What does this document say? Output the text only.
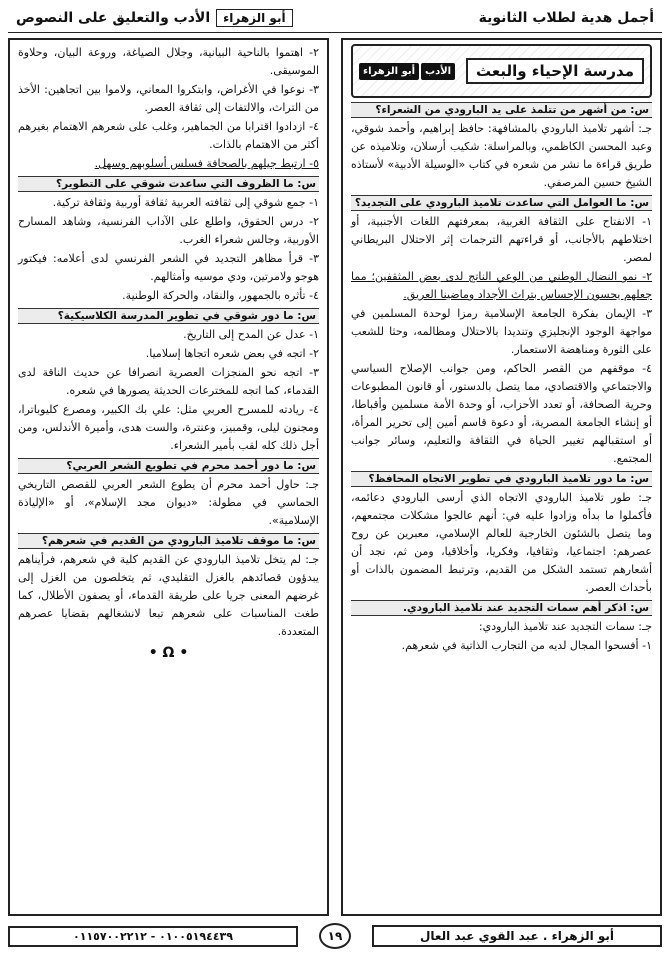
أجمل هدية لطلاب الثانوية
أبو الزهراء
الأدب والتعليق على النصوص
مدرسة الإحياء والبعث
الأدب
أبو الزهراء
س: من أشهر من تتلمذ على يد البارودي من الشعراء؟
جـ: أشهر تلاميذ البارودي بالمشافهة: حافظ إبراهيم، وأحمد شوقي، وعبد المحسن الكاظمي، وبالمراسلة: شكيب أرسلان، وتلاميذه عن طريق قراءة ما نشر من شعره في كتاب «الوسيلة الأدبية» لأستاذه الشيخ حسين المرصفي.
س: ما العوامل التي ساعدت تلاميذ البارودي على التجديد؟
١- الانفتاح على الثقافة الغربية، بمعرفتهم اللغات الأجنبية، أو اختلاطهم بالأجانب، أو قراءتهم الترجمات إثر الاحتلال البريطاني لمصر.
٢- نمو النضال الوطني من الوعي الناتج لدى بعض المثقفين؛ مما جعلهم يحسون الإحساس بتراث الأجداد وماضينا العريق.
٣- الإيمان بفكرة الجامعة الإسلامية رمزا لوحدة المسلمين في مواجهة الوجود الإنجليزي وتنديدا بالاحتلال ومظالمه، وحثا للشعب على الثورة ومناهضة الاستعمار.
٤- موقفهم من القصر الحاكم، ومن جوانب الإصلاح السياسي والاجتماعي والاقتصادي، مما يتصل بالدستور، أو قانون المطبوعات وحرية الصحافة، أو تعدد الأحزاب، أو وحدة الأمة مسلمين وأقباطا، أو إنشاء الجامعة المصرية، أو دعوة قاسم أمين إلى تحرير المرأة، أو استقبالهم تغيير الحياة في الثقافة والتعليم، وسائر جوانب المجتمع.
س: ما دور تلاميذ البارودي في تطوير الاتجاه المحافظ؟
جـ: طور تلاميذ البارودي الاتجاه الذي أرسى البارودي دعائمه، فأكملوا ما بدأه وزادوا عليه في: أنهم عالجوا مشكلات مجتمعهم، وما يتصل بالشئون الخارجية للعالم الإسلامي، معبرين عن روح عصرهم: اجتماعيا، وثقافيا، وفكريا، وأخلاقيا، ومن ثم، نجد أن أشعارهم تستمد الشكل من القديم، وترتبط المضمون بالذات أو بأحداث العصر.
س: اذكر أهم سمات التجديد عند تلاميذ البارودي.
جـ: سمات التجديد عند تلاميذ البارودي:
١- أفسحوا المجال لديه من التجارب الذاتية في شعرهم.
٢- اهتموا بالناحية البيانية، وجلال الصياغة، وروعة البيان، وحلاوة الموسيقى.
٣- نوعوا في الأغراض، وابتكروا المعاني، ولاموا بين اتجاهين: الأخذ من التراث، والالتفات إلى ثقافة العصر.
٤- ازدادوا اقترابا من الجماهير، وغلب على شعرهم الاهتمام بغيرهم أكثر من الاهتمام بالذات.
٥- ارتبط جيلهم بالصحافة فسلس أسلوبهم وسهل.
س: ما الظروف التي ساعدت شوقي على التطوير؟
١- جمع شوقي إلى ثقافته العربية ثقافة أوربية وثقافة تركية.
٢- درس الحقوق، واطلع على الآداب الفرنسية، وشاهد المسارح الأوربية، وجالس شعراء الغرب.
٣- قرأ مظاهر التجديد في الشعر الفرنسي لدى أعلامه: فيكتور هوجو ولامرتين، ودي موسيه وأمثالهم.
٤- تأثره بالجمهور، والنقاد، والحركة الوطنية.
س: ما دور شوقي في تطوير المدرسة الكلاسيكية؟
١- عدل عن المدح إلى التاريخ.
٢- اتجه في بعض شعره اتجاها إسلاميا.
٣- اتجه نحو المنجزات العصرية انصرافا عن حديث الناقة لدى القدماء، كما اتجه للمخترعات الحديثة يصورها في شعره.
٤- ريادته للمسرح العربي مثل: علي بك الكبير، ومصرع كليوباترا، ومجنون ليلى، وقمبيز، وعنترة، والست هدى، وأميرة الأندلس، ومن أجل ذلك كله لقب بأمير الشعراء.
س: ما دور أحمد محرم في تطويع الشعر العربي؟
جـ: حاول أحمد محرم أن يطوع الشعر العربي للقصص التاريخي الحماسي في مطولة: «ديوان مجد الإسلام»، أو «الإلياذة الإسلامية».
س: ما موقف تلاميذ البارودي من القديم في شعرهم؟
جـ: لم يتخل تلاميذ البارودي عن القديم كلية في شعرهم، فرأيناهم يبدؤون قصائدهم بالغزل التقليدي، ثم يتخلصون من الغزل إلى غرضهم المعنى جريا على طريقة القدماء، أو يصفون الأطلال، كما طغت المناسبات على شعرهم تبعا لانشغالهم بقضايا عصرهم المتعددة.
• Ω •
أبو الزهراء . عبد القوي عبد العال
١٩
٠١٠٠٥١٩٤٤٣٩ - ٠١١٥٧٠٠٢٢١٢
